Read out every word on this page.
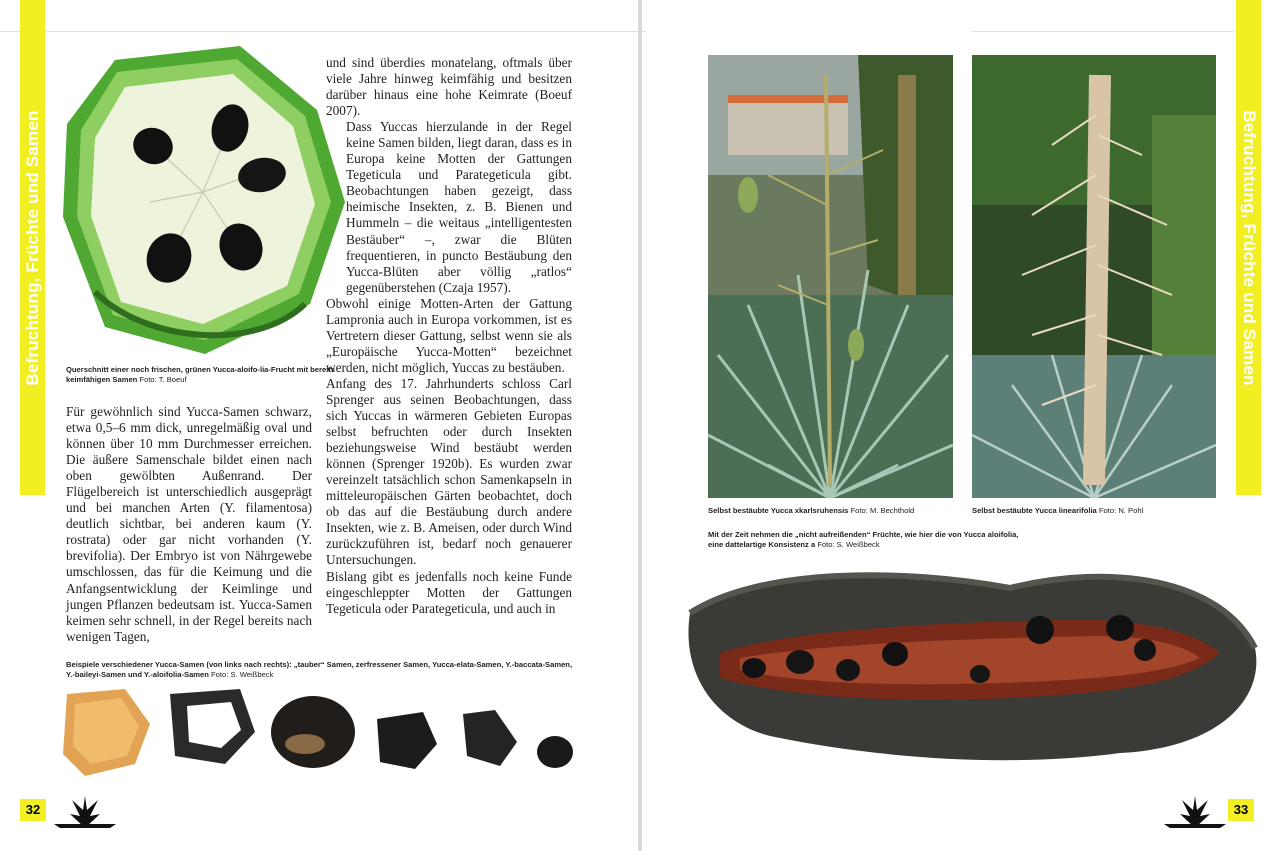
Befruchtung, Früchte und Samen	Querschnitt einer noch frischen, grünen Yucca-aloifo-lia-Frucht mit bereits keimfähigen Samen Foto: T. Boeuf

Für gewöhnlich sind Yucca-Samen schwarz, etwa 0,5–6 mm dick, unregelmäßig oval und können über 10 mm Durchmesser erreichen. Die äußere Samenschale bildet einen nach oben gewölbten Außenrand. Der Flügelbereich ist unterschiedlich ausgeprägt und bei manchen Arten (Y. filamentosa) deutlich sichtbar, bei anderen kaum (Y. rostrata) oder gar nicht vorhanden (Y. brevifolia). Der Embryo ist von Nährgewebe umschlossen, das für die Keimung und die Anfangsentwicklung der Keimlinge und jungen Pflanzen bedeutsam ist. Yucca-Samen keimen sehr schnell, in der Regel bereits nach wenigen Tagen,

und sind überdies monatelang, oftmals über viele Jahre hinweg keimfähig und besitzen darüber hinaus eine hohe Keimrate (Boeuf 2007).

Dass Yuccas hierzulande in der Regel keine Samen bilden, liegt daran, dass es in Europa keine Motten der Gattungen Tegeticula und Parategeticula gibt. Beobachtungen haben gezeigt, dass heimische Insekten, z. B. Bienen und Hummeln – die weitaus „intelligentesten Bestäuber“ –, zwar die Blüten frequentieren, in puncto Bestäubung den Yucca-Blüten aber völlig „ratlos“ gegenüberstehen (Czaja 1957).

Obwohl einige Motten-Arten der Gattung Lampronia auch in Europa vorkommen, ist es Vertretern dieser Gattung, selbst wenn sie als „Europäische Yucca-Motten“ bezeichnet werden, nicht möglich, Yuccas zu bestäuben.

Anfang des 17. Jahrhunderts schloss Carl Sprenger aus seinen Beobachtungen, dass sich Yuccas in wärmeren Gebieten Europas selbst befruchten oder durch Insekten beziehungsweise Wind bestäubt werden können (Sprenger 1920b). Es wurden zwar vereinzelt tatsächlich schon Samenkapseln in mitteleuropäischen Gärten beobachtet, doch ob das auf die Bestäubung durch andere Insekten, wie z. B. Ameisen, oder durch Wind zurückzuführen ist, bedarf noch genauerer Untersuchungen.

Bislang gibt es jedenfalls noch keine Funde eingeschleppter Motten der Gattungen Tegeticula oder Parategeticula, und auch in

Beispiele verschiedener Yucca-Samen (von links nach rechts): „tauber“ Samen, zerfressener Samen, Yucca-elata-Samen, Y.-baccata-Samen, Y.-baileyi-Samen und Y.-aloifolia-Samen Foto: S. Weißbeck
32
Befruchtung, Früchte und Samen
Selbst bestäubte Yucca xkarlsruhensis Foto: M. Bechthold	Selbst bestäubte Yucca linearifolia Foto: N. Pohl
Mit der Zeit nehmen die „nicht aufreißenden“ Früchte, wie hier die von Yucca aloifolia, eine dattelartige Konsistenz a Foto: S. Weißbeck
33
